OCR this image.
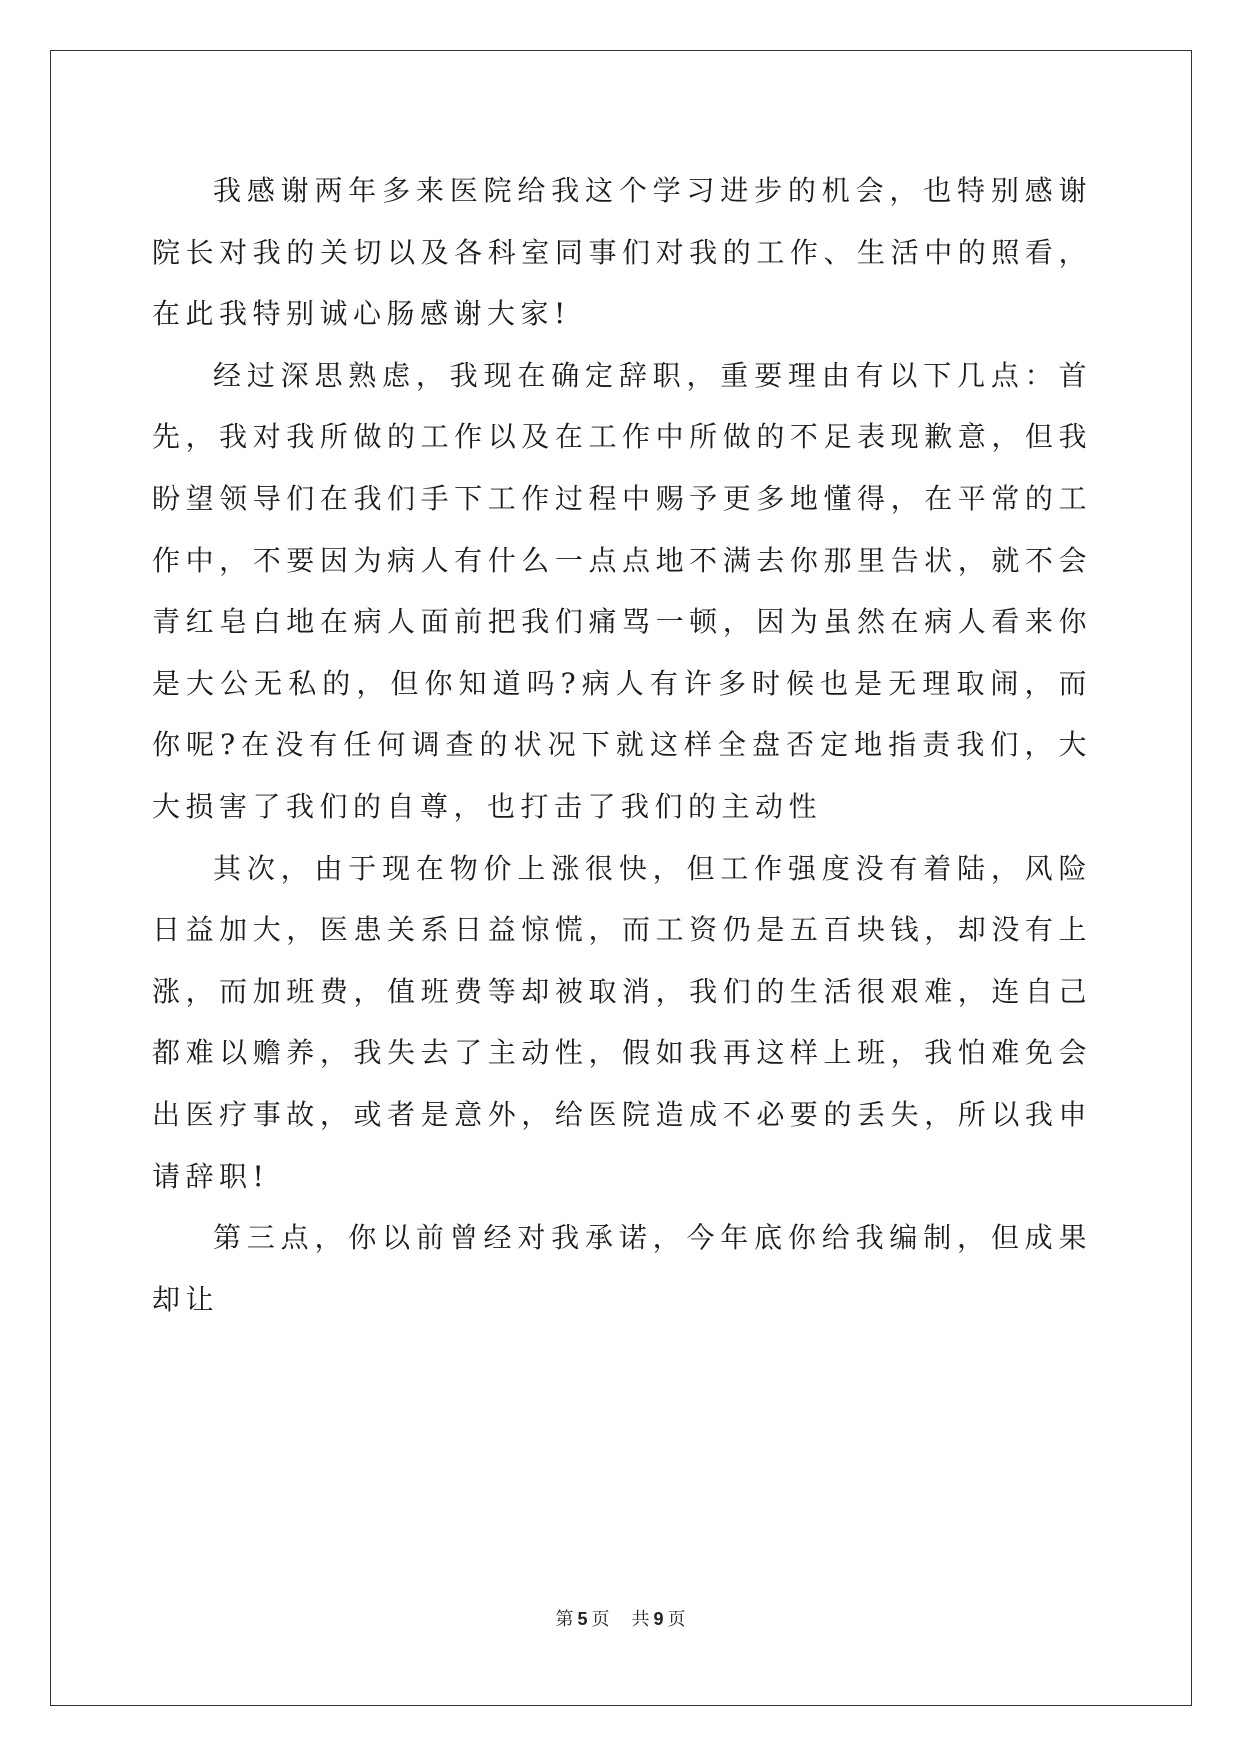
我感谢两年多来医院给我这个学习进步的机会，也特别感谢院长对我的关切以及各科室同事们对我的工作、生活中的照看，在此我特别诚心肠感谢大家!

经过深思熟虑，我现在确定辞职，重要理由有以下几点：首先，我对我所做的工作以及在工作中所做的不足表现歉意，但我盼望领导们在我们手下工作过程中赐予更多地懂得，在平常的工作中，不要因为病人有什么一点点地不满去你那里告状，就不会青红皂白地在病人面前把我们痛骂一顿，因为虽然在病人看来你是大公无私的，但你知道吗?病人有许多时候也是无理取闹，而你呢?在没有任何调查的状况下就这样全盘否定地指责我们，大大损害了我们的自尊，也打击了我们的主动性

其次，由于现在物价上涨很快，但工作强度没有着陆，风险日益加大，医患关系日益惊慌，而工资仍是五百块钱，却没有上涨，而加班费，值班费等却被取消，我们的生活很艰难，连自己都难以赡养，我失去了主动性，假如我再这样上班，我怕难免会出医疗事故，或者是意外，给医院造成不必要的丢失，所以我申请辞职!

第三点，你以前曾经对我承诺，今年底你给我编制，但成果却让

第 5 页 共 9 页
